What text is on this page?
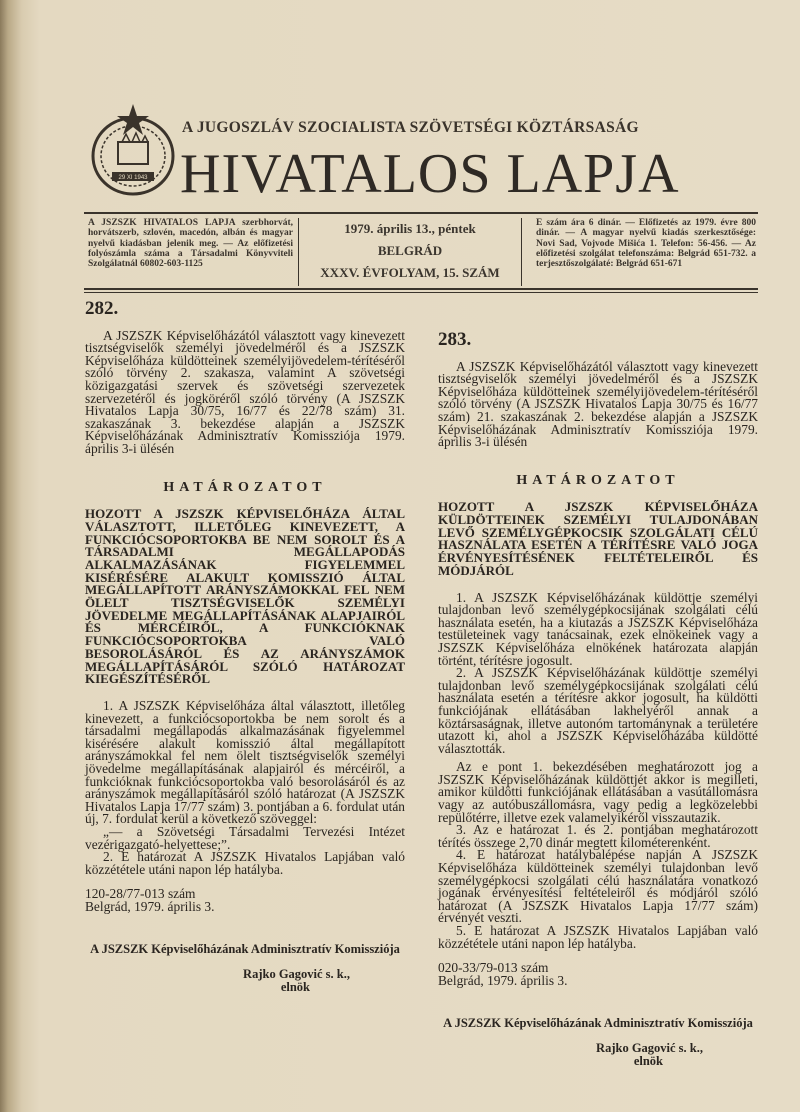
29 XI 1943
A JUGOSZLÁV SZOCIALISTA SZÖVETSÉGI KÖZTÁRSASÁG
HIVATALOS LAPJA
A JSZSZK HIVATALOS LAPJA szerbhorvát, horvátszerb, szlovén, macedón, albán és magyar nyelvű kiadásban jelenik meg. — Az előfizetési folyószámla száma a Társadalmi Könyvviteli Szolgálatnál 60802-603-1125
1979. április 13., péntek
BELGRÁD
XXXV. ÉVFOLYAM, 15. SZÁM
E szám ára 6 dinár. — Előfizetés az 1979. évre 800 dinár. — A magyar nyelvű kiadás szerkesztősége: Novi Sad, Vojvode Mišića 1. Telefon: 56-456. — Az előfizetési szolgálat telefonszáma: Belgrád 651-732. a terjesztőszolgálaté: Belgrád 651-671
282.

A JSZSZK Képviselőházától választott vagy kinevezett tisztségviselők személyi jövedelméről és a JSZSZK Képviselőháza küldötteinek személyijövedelem-térítéséről szóló törvény 2. szakasza, valamint A szövetségi közigazgatási szervek és szövetségi szervezetek szervezetéről és jogköréről szóló törvény (A JSZSZK Hivatalos Lapja 30/75, 16/77 és 22/78 szám) 31. szakaszának 3. bekezdése alapján a JSZSZK Képviselőházának Adminisztratív Komissziója 1979. április 3-i ülésén

HATÁROZATOT
HOZOTT A JSZSZK KÉPVISELŐHÁZA ÁLTAL VÁLASZTOTT, ILLETŐLEG KINEVEZETT, A FUNKCIÓCSOPORTOKBA BE NEM SOROLT ÉS A TÁRSADALMI MEGÁLLAPODÁS ALKALMAZÁSÁNAK FIGYELEMMEL KISÉRÉSÉRE ALAKULT KOMISSZIÓ ÁLTAL MEGÁLLAPÍTOTT ARÁNYSZÁMOKKAL FEL NEM ÖLELT TISZTSÉGVISELŐK SZEMÉLYI JÖVEDELME MEGÁLLAPÍTÁSÁNAK ALAPJAIRÓL ÉS MÉRCÉIRŐL, A FUNKCIÓKNAK FUNKCIÓCSOPORTOKBA VALÓ BESOROLÁSÁRÓL ÉS AZ ARÁNYSZÁMOK MEGÁLLAPÍTÁSÁRÓL SZÓLÓ HATÁROZAT KIEGÉSZÍTÉSÉRŐL

1. A JSZSZK Képviselőháza által választott, illetőleg kinevezett, a funkciócsoportokba be nem sorolt és a társadalmi megállapodás alkalmazásának figyelemmel kisérésére alakult komisszió által megállapított arányszámokkal fel nem ölelt tisztségviselők személyi jövedelme megállapításának alapjairól és mércéiről, a funkcióknak funkciócsoportokba való besorolásáról és az arányszámok megállapításáról szóló határozat (A JSZSZK Hivatalos Lapja 17/77 szám) 3. pontjában a 6. fordulat után új, 7. fordulat kerül a következő szöveggel:

„— a Szövetségi Társadalmi Tervezési Intézet vezérigazgató-helyettese;”.

2. E határozat A JSZSZK Hivatalos Lapjában való közzététele utáni napon lép hatályba.

120-28/77-013 szám

Belgrád, 1979. április 3.

A JSZSZK Képviselőházának Adminisztratív Komissziója
Rajko Gagović s. k.,
elnök
283.

A JSZSZK Képviselőházától választott vagy kinevezett tisztségviselők személyi jövedelméről és a JSZSZK Képviselőháza küldötteinek személyijövedelem-térítéséről szóló törvény (A JSZSZK Hivatalos Lapja 30/75 és 16/77 szám) 21. szakaszának 2. bekezdése alapján a JSZSZK Képviselőházának Adminisztratív Komissziója 1979. április 3-i ülésén

HATÁROZATOT
HOZOTT A JSZSZK KÉPVISELŐHÁZA KÜLDÖTTEINEK SZEMÉLYI TULAJDONÁBAN LEVŐ SZEMÉLYGÉPKOCSIK SZOLGÁLATI CÉLÚ HASZNÁLATA ESETÉN A TÉRÍTÉSRE VALÓ JOGA ÉRVÉNYESÍTÉSÉNEK FELTÉTELEIRŐL ÉS MÓDJÁRÓL

1. A JSZSZK Képviselőházának küldöttje személyi tulajdonban levő személygépkocsijának szolgálati célú használata esetén, ha a kiutazás a JSZSZK Képviselőháza testületeinek vagy tanácsainak, ezek elnökeinek vagy a JSZSZK Képviselőháza elnökének határozata alapján történt, térítésre jogosult.

2. A JSZSZK Képviselőházának küldöttje személyi tulajdonban levő személygépkocsijának szolgálati célú használata esetén a térítésre akkor jogosult, ha küldötti funkciójának ellátásában lakhelyéről annak a köztársaságnak, illetve autonóm tartománynak a területére utazott ki, ahol a JSZSZK Képviselőházába küldötté választották.

Az e pont 1. bekezdésében meghatározott jog a JSZSZK Képviselőházának küldöttjét akkor is megilleti, amikor küldötti funkciójának ellátásában a vasútállomásra vagy az autóbuszállomásra, vagy pedig a legközelebbi repülőtérre, illetve ezek valamelyikéről visszautazik.

3. Az e határozat 1. és 2. pontjában meghatározott térítés összege 2,70 dinár megtett kilométerenként.

4. E határozat hatálybalépése napján A JSZSZK Képviselőháza küldötteinek személyi tulajdonban levő személygépkocsi szolgálati célú használatára vonatkozó jogának érvényesítési feltételeiről és módjáról szóló határozat (A JSZSZK Hivatalos Lapja 17/77 szám) érvényét veszti.

5. E határozat A JSZSZK Hivatalos Lapjában való közzététele utáni napon lép hatályba.

020-33/79-013 szám

Belgrád, 1979. április 3.

A JSZSZK Képviselőházának Adminisztratív Komissziója
Rajko Gagović s. k.,
elnök
